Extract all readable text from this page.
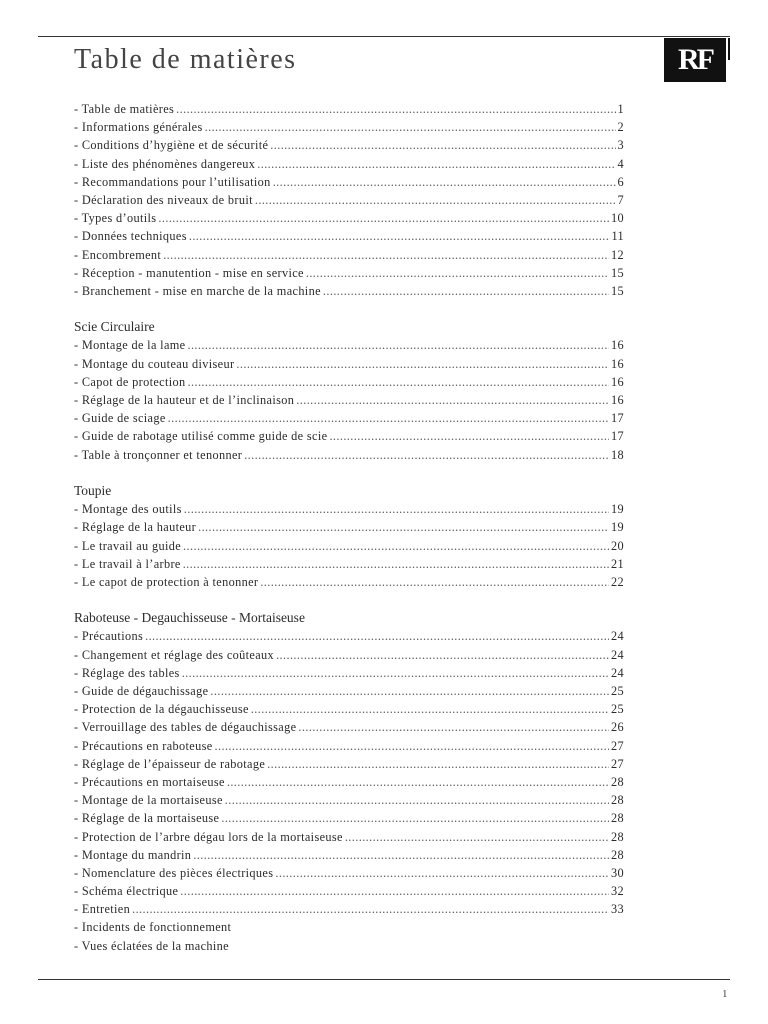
Table de matières	RF
- Table de matières .....	1
- Informations générales .....	2
- Conditions d’hygiène et de sécurité .....	3
- Liste des phénomènes dangereux .....	4
- Recommandations pour l’utilisation .....	6
- Déclaration des niveaux de bruit .....	7
- Types d’outils .....	10
- Données techniques .....	11
- Encombrement .....	12
- Réception - manutention - mise en service .....	15
- Branchement - mise en marche de la machine .....	15
Scie Circulaire
- Montage de la lame .....	16
- Montage du couteau diviseur .....	16
- Capot de protection .....	16
- Réglage de la hauteur et de l’inclinaison .....	16
- Guide de sciage .....	17
- Guide de rabotage utilisé comme guide de scie .....	17
- Table à tronçonner et tenonner .....	18
Toupie
- Montage des outils .....	19
- Réglage de la hauteur .....	19
- Le travail au guide .....	20
- Le travail à l’arbre .....	21
- Le capot de protection à tenonner .....	22
Raboteuse - Degauchisseuse - Mortaiseuse
- Précautions .....	24
- Changement et réglage des coûteaux .....	24
- Réglage des tables .....	24
- Guide de dégauchissage .....	25
- Protection de la dégauchisseuse .....	25
- Verrouillage des tables de dégauchissage .....	26
- Précautions en raboteuse .....	27
- Réglage de l’épaisseur de rabotage .....	27
- Précautions en mortaiseuse .....	28
- Montage de la mortaiseuse .....	28
- Réglage de la mortaiseuse .....	28
- Protection de l’arbre dégau lors de la mortaiseuse .....	28
- Montage du mandrin .....	28
- Nomenclature des pièces électriques .....	30
- Schéma électrique .....	32
- Entretien .....	33
- Incidents de fonctionnement
- Vues éclatées de la machine
1
